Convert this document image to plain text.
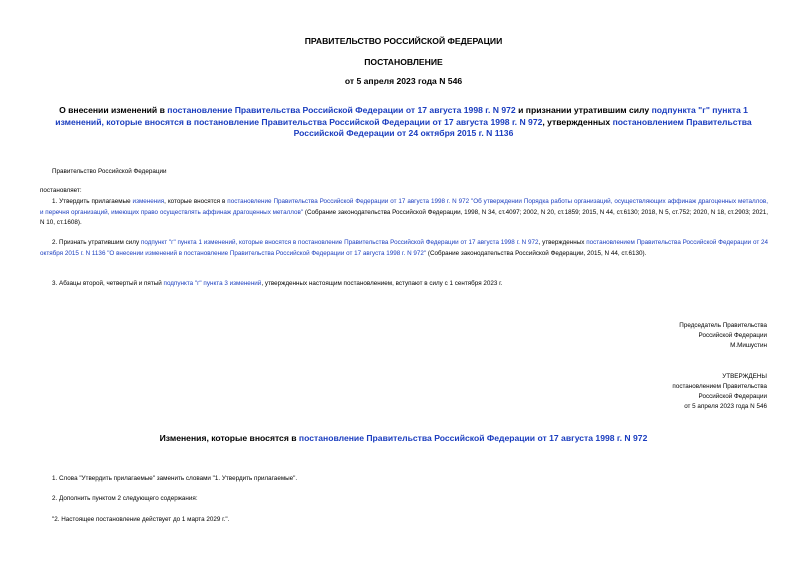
ПРАВИТЕЛЬСТВО РОССИЙСКОЙ ФЕДЕРАЦИИ
ПОСТАНОВЛЕНИЕ
от 5 апреля 2023 года N 546
О внесении изменений в постановление Правительства Российской Федерации от 17 августа 1998 г. N 972 и признании утратившим силу подпункта "г" пункта 1 изменений, которые вносятся в постановление Правительства Российской Федерации от 17 августа 1998 г. N 972, утвержденных постановлением Правительства Российской Федерации от 24 октября 2015 г. N 1136
Правительство Российской Федерации
постановляет:
1. Утвердить прилагаемые изменения, которые вносятся в постановление Правительства Российской Федерации от 17 августа 1998 г. N 972 "Об утверждении Порядка работы организаций, осуществляющих аффинаж драгоценных металлов, и перечня организаций, имеющих право осуществлять аффинаж драгоценных металлов" (Собрание законодательства Российской Федерации, 1998, N 34, ст.4097; 2002, N 20, ст.1859; 2015, N 44, ст.6130; 2018, N 5, ст.752; 2020, N 18, ст.2903; 2021, N 10, ст.1608).
2. Признать утратившим силу подпункт "г" пункта 1 изменений, которые вносятся в постановление Правительства Российской Федерации от 17 августа 1998 г. N 972, утвержденных постановлением Правительства Российской Федерации от 24 октября 2015 г. N 1136 "О внесении изменений в постановление Правительства Российской Федерации от 17 августа 1998 г. N 972" (Собрание законодательства Российской Федерации, 2015, N 44, ст.6130).
3. Абзацы второй, четвертый и пятый подпункта "г" пункта 3 изменений, утвержденных настоящим постановлением, вступают в силу с 1 сентября 2023 г.
Председатель Правительства
Российской Федерации
М.Мишустин
УТВЕРЖДЕНЫ
постановлением Правительства
Российской Федерации
от 5 апреля 2023 года N 546
Изменения, которые вносятся в постановление Правительства Российской Федерации от 17 августа 1998 г. N 972
1. Слова "Утвердить прилагаемые" заменить словами "1. Утвердить прилагаемые".
2. Дополнить пунктом 2 следующего содержания:
"2. Настоящее постановление действует до 1 марта 2029 г.".
